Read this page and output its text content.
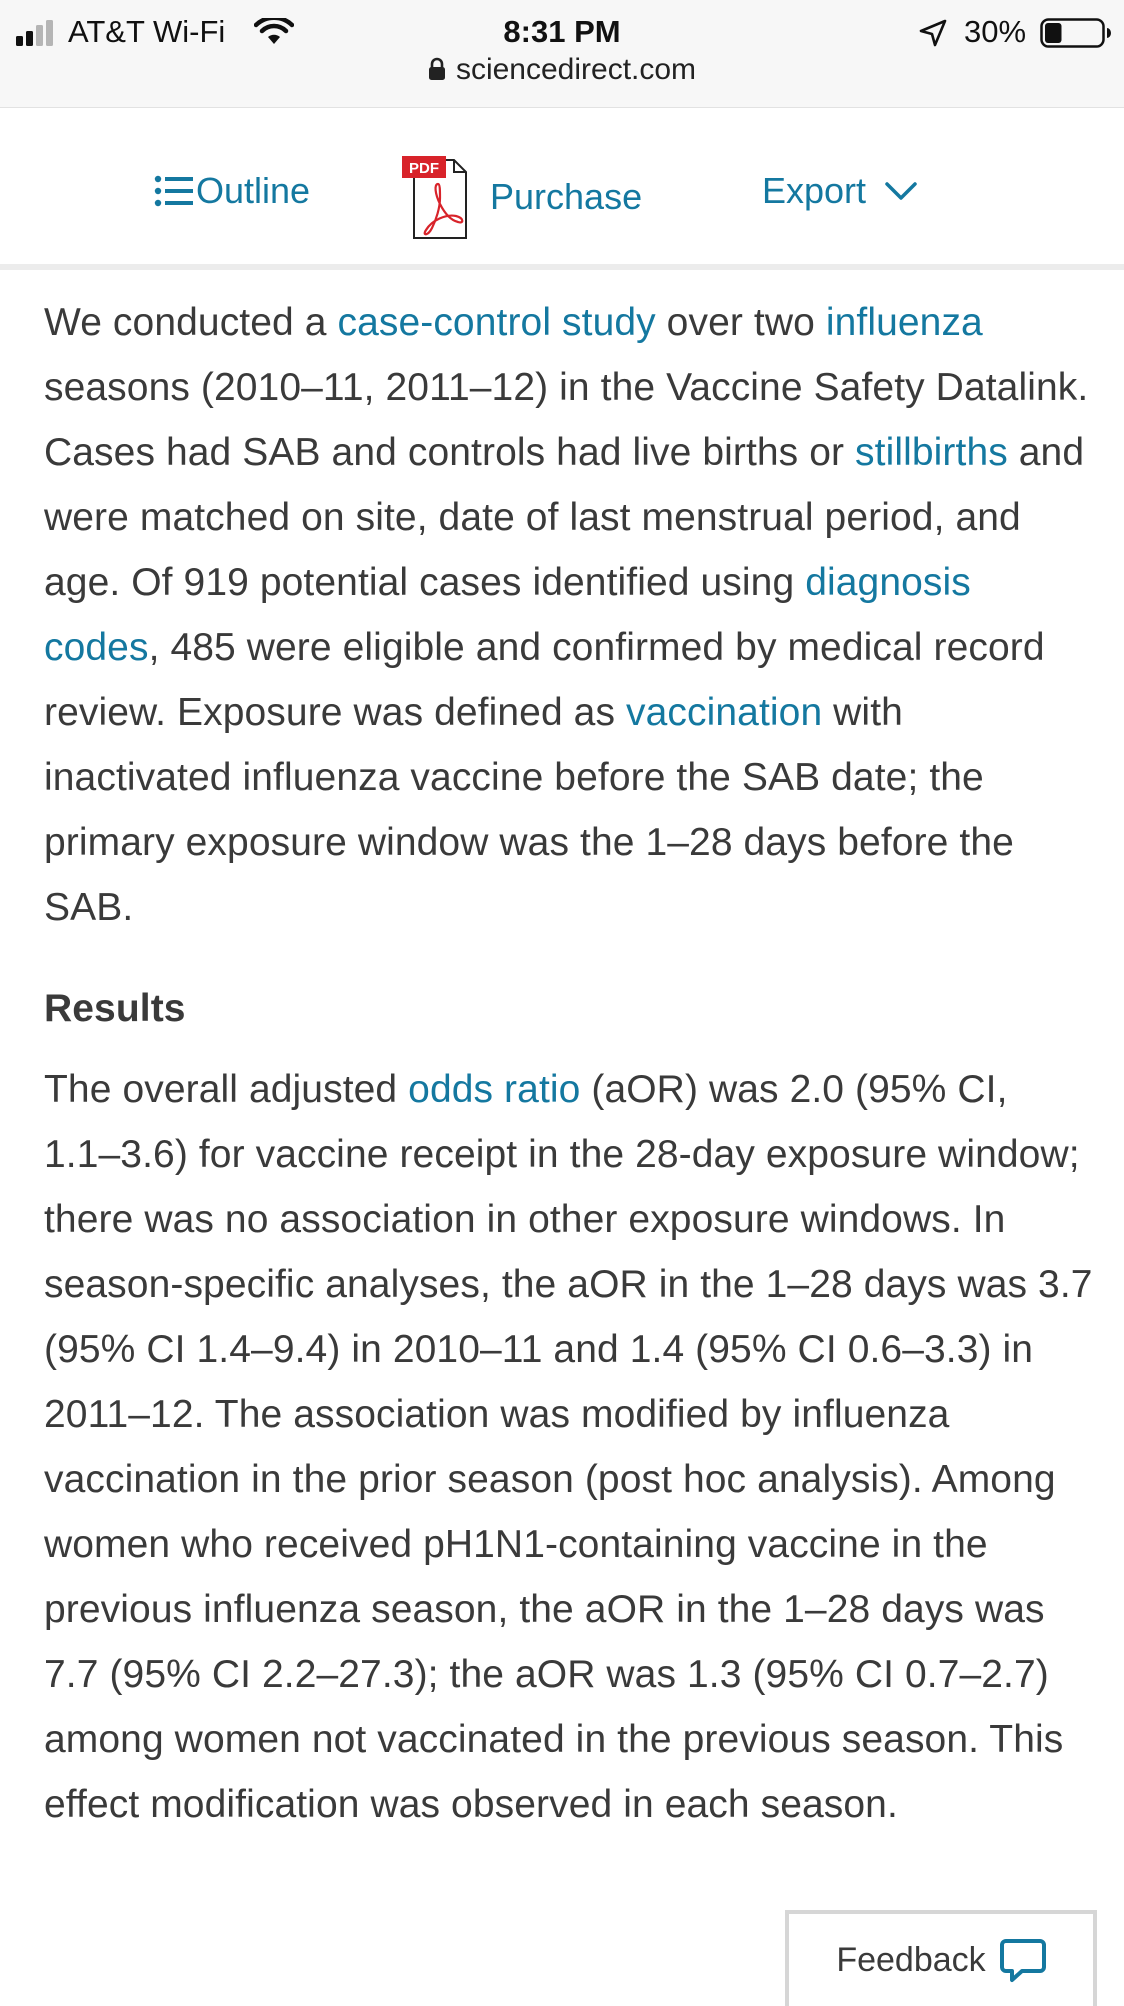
AT&T Wi-Fi	8:31 PM	30%
sciencedirect.com
Outline
PDF
Purchase	Export

We conducted a case-control study over two influenza seasons (2010–11, 2011–12) in the Vaccine Safety Datalink. Cases had SAB and controls had live births or stillbirths and were matched on site, date of last menstrual period, and age. Of 919 potential cases identified using diagnosis codes, 485 were eligible and confirmed by medical record review. Exposure was defined as vaccination with inactivated influenza vaccine before the SAB date; the primary exposure window was the 1–28 days before the SAB.

Results

The overall adjusted odds ratio (aOR) was 2.0 (95% CI, 1.1–3.6) for vaccine receipt in the 28-day exposure window; there was no association in other exposure windows. In season-specific analyses, the aOR in the 1–28 days was 3.7 (95% CI 1.4–9.4) in 2010–11 and 1.4 (95% CI 0.6–3.3) in 2011–12. The association was modified by influenza vaccination in the prior season (post hoc analysis). Among women who received pH1N1-containing vaccine in the previous influenza season, the aOR in the 1–28 days was 7.7 (95% CI 2.2–27.3); the aOR was 1.3 (95% CI 0.7–2.7) among women not vaccinated in the previous season. This effect modification was observed in each season.

Feedback
